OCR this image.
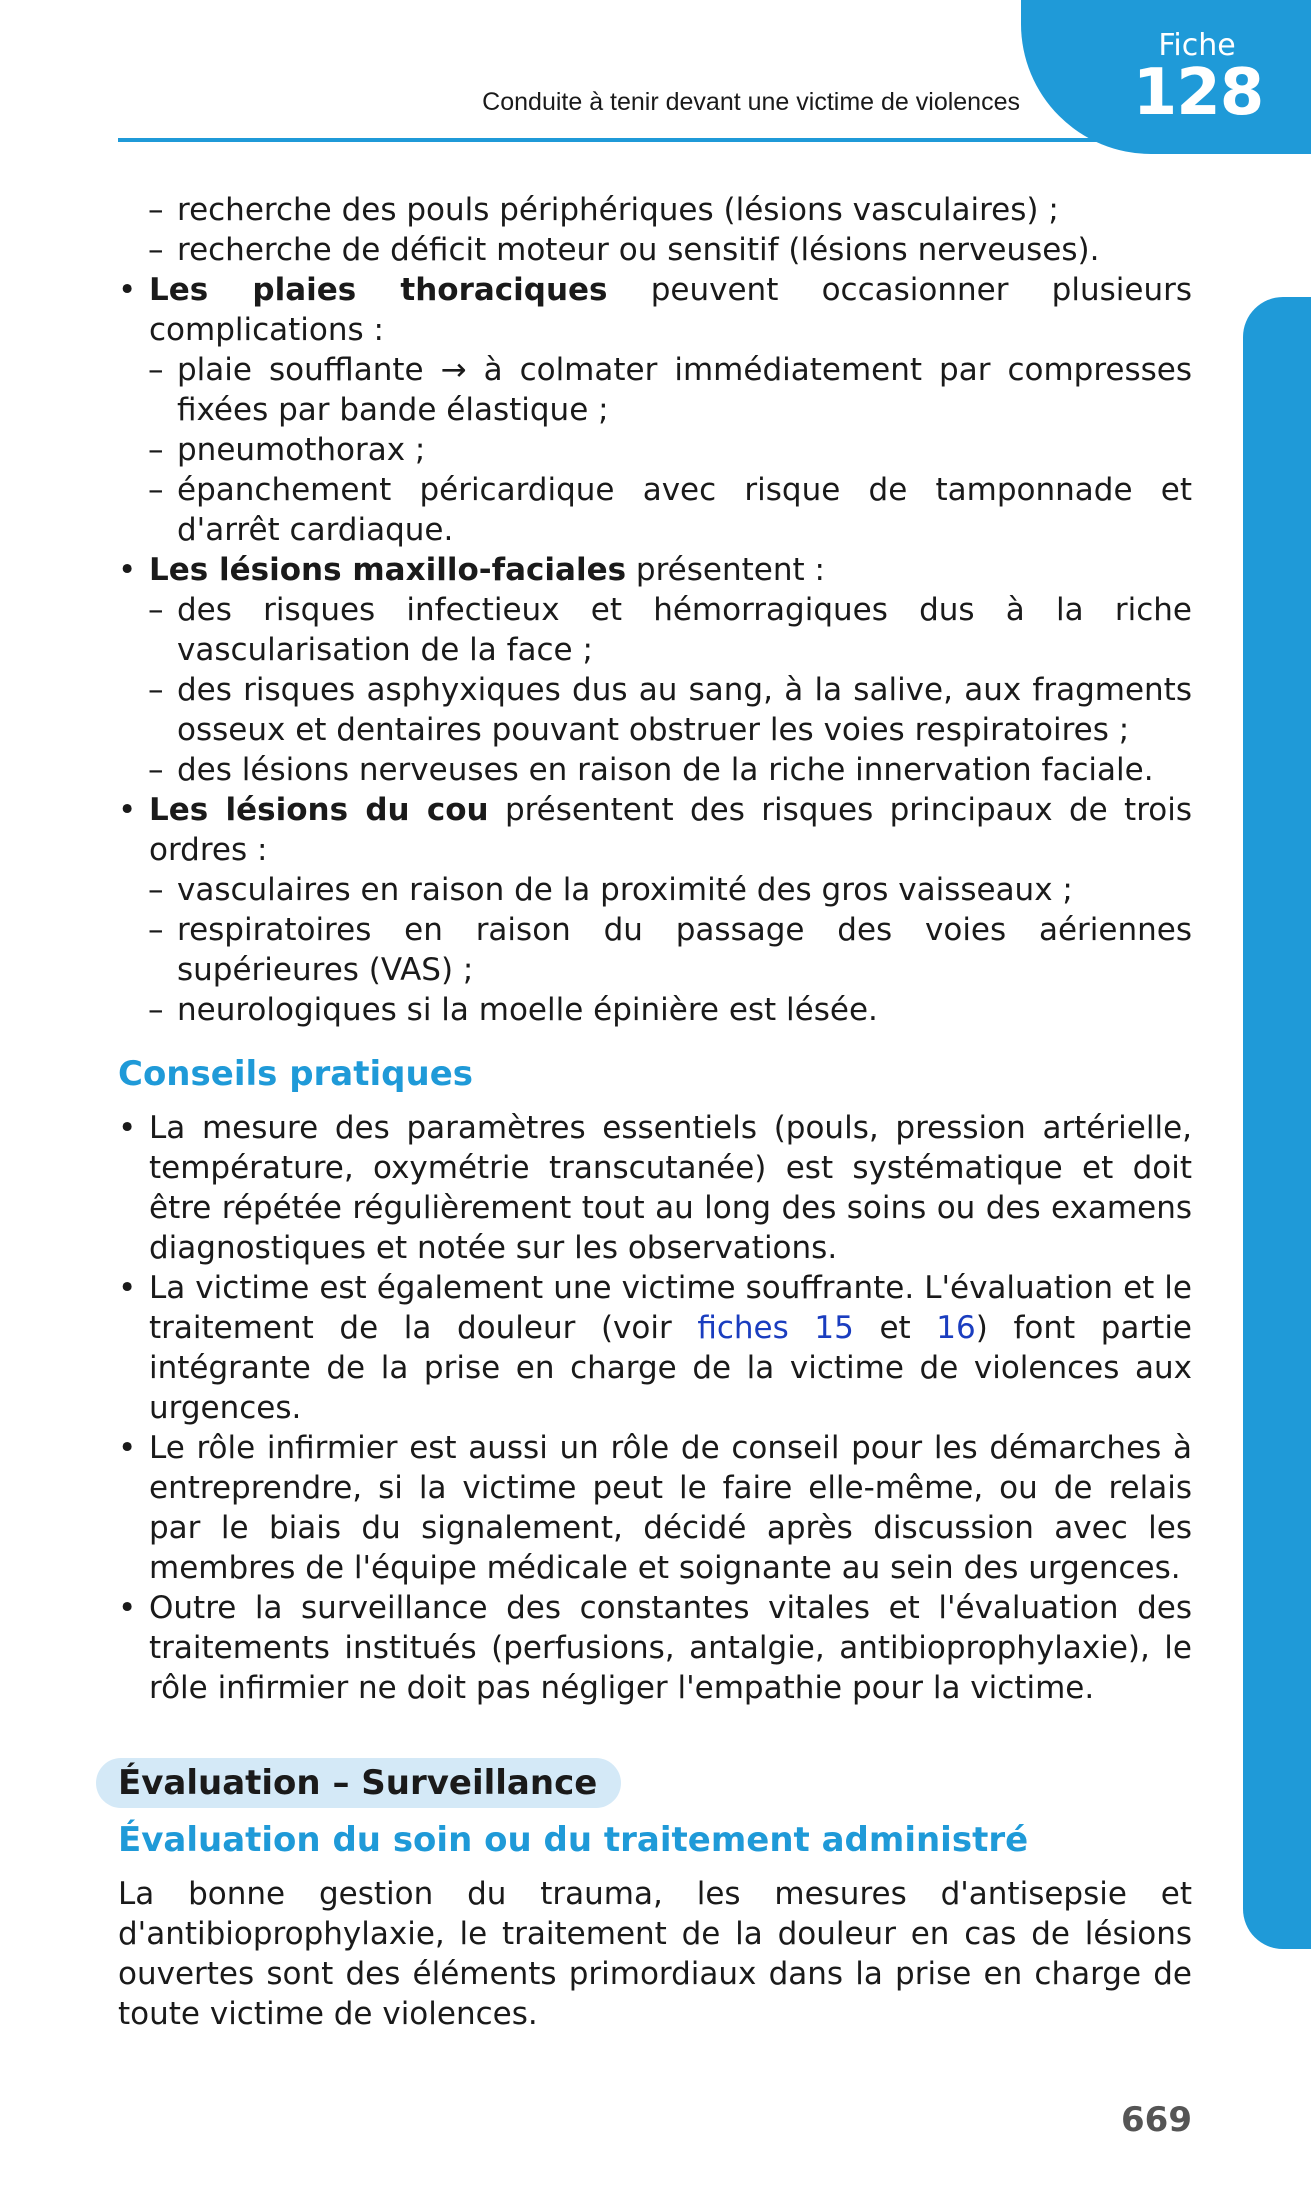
Fiche
128
Conduite à tenir devant une victime de violences
Urgences médicolégales, médico-psychologiques et psychiatriques

– recherche des pouls périphériques (lésions vasculaires) ;

– recherche de déficit moteur ou sensitif (lésions nerveuses).

• Les plaies thoraciques peuvent occasionner plusieurs complications :

– plaie soufflante → à colmater immédiatement par compresses fixées par bande élastique ;

– pneumothorax ;

– épanchement péricardique avec risque de tamponnade et d'arrêt cardiaque.

• Les lésions maxillo-faciales présentent :

– des risques infectieux et hémorragiques dus à la riche vascularisation de la face ;

– des risques asphyxiques dus au sang, à la salive, aux fragments osseux et dentaires pouvant obstruer les voies respiratoires ;

– des lésions nerveuses en raison de la riche innervation faciale.

• Les lésions du cou présentent des risques principaux de trois ordres :

– vasculaires en raison de la proximité des gros vaisseaux ;

– respiratoires en raison du passage des voies aériennes supérieures (VAS) ;

– neurologiques si la moelle épinière est lésée.

Conseils pratiques

• La mesure des paramètres essentiels (pouls, pression artérielle, température, oxymétrie transcutanée) est systématique et doit être répétée régulièrement tout au long des soins ou des examens diagnostiques et notée sur les observations.

• La victime est également une victime souffrante. L'évaluation et le traitement de la douleur (voir fiches 15 et 16) font partie intégrante de la prise en charge de la victime de violences aux urgences.

• Le rôle infirmier est aussi un rôle de conseil pour les démarches à entreprendre, si la victime peut le faire elle-même, ou de relais par le biais du signalement, décidé après discussion avec les membres de l'équipe médicale et soignante au sein des urgences.

• Outre la surveillance des constantes vitales et l'évaluation des traitements institués (perfusions, antalgie, antibioprophylaxie), le rôle infirmier ne doit pas négliger l'empathie pour la victime.

Évaluation – Surveillance
Évaluation du soin ou du traitement administré

La bonne gestion du trauma, les mesures d'antisepsie et d'antibioprophylaxie, le traitement de la douleur en cas de lésions ouvertes sont des éléments primordiaux dans la prise en charge de toute victime de violences.

669
